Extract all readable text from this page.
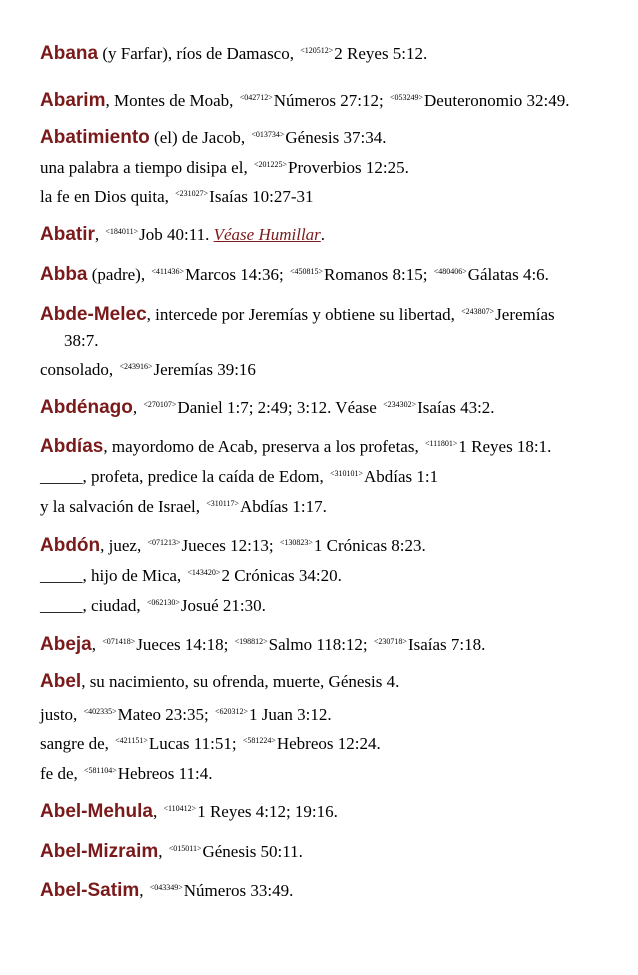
Abana (y Farfar), ríos de Damasco, $^{<120512>}$2 Reyes 5:12.
Abarim, Montes de Moab, $^{<042712>}$Números 27:12; $^{<053249>}$Deuteronomio 32:49.
Abatimiento (el) de Jacob, $^{<013734>}$Génesis 37:34.
una palabra a tiempo disipa el, $^{<201225>}$Proverbios 12:25.
la fe en Dios quita, $^{<231027>}$Isaías 10:27-31
Abatir, $^{<184011>}$Job 40:11. Véase Humillar.
Abba (padre), $^{<411436>}$Marcos 14:36; $^{<450815>}$Romanos 8:15; $^{<480406>}$Gálatas 4:6.
Abde-Melec, intercede por Jeremías y obtiene su libertad, $^{<243807>}$Jeremías
38:7.
consolado, $^{<243916>}$Jeremías 39:16
Abdénago, $^{<270107>}$Daniel 1:7; 2:49; 3:12. Véase $^{<234302>}$Isaías 43:2.
Abdías, mayordomo de Acab, preserva a los profetas, $^{<111801>}$1 Reyes 18:1.
_____, profeta, predice la caída de Edom, $^{<310101>}$Abdías 1:1
y la salvación de Israel, $^{<310117>}$Abdías 1:17.
Abdón, juez, $^{<071213>}$Jueces 12:13; $^{<130823>}$1 Crónicas 8:23.
_____, hijo de Mica, $^{<143420>}$2 Crónicas 34:20.
_____, ciudad, $^{<062130>}$Josué 21:30.
Abeja, $^{<071418>}$Jueces 14:18; $^{<198812>}$Salmo 118:12; $^{<230718>}$Isaías 7:18.
Abel, su nacimiento, su ofrenda, muerte, Génesis 4.
justo, $^{<402335>}$Mateo 23:35; $^{<620312>}$1 Juan 3:12.
sangre de, $^{<421151>}$Lucas 11:51; $^{<581224>}$Hebreos 12:24.
fe de, $^{<581104>}$Hebreos 11:4.
Abel-Mehula, $^{<110412>}$1 Reyes 4:12; 19:16.
Abel-Mizraim, $^{<015011>}$Génesis 50:11.
Abel-Satim, $^{<043349>}$Números 33:49.
